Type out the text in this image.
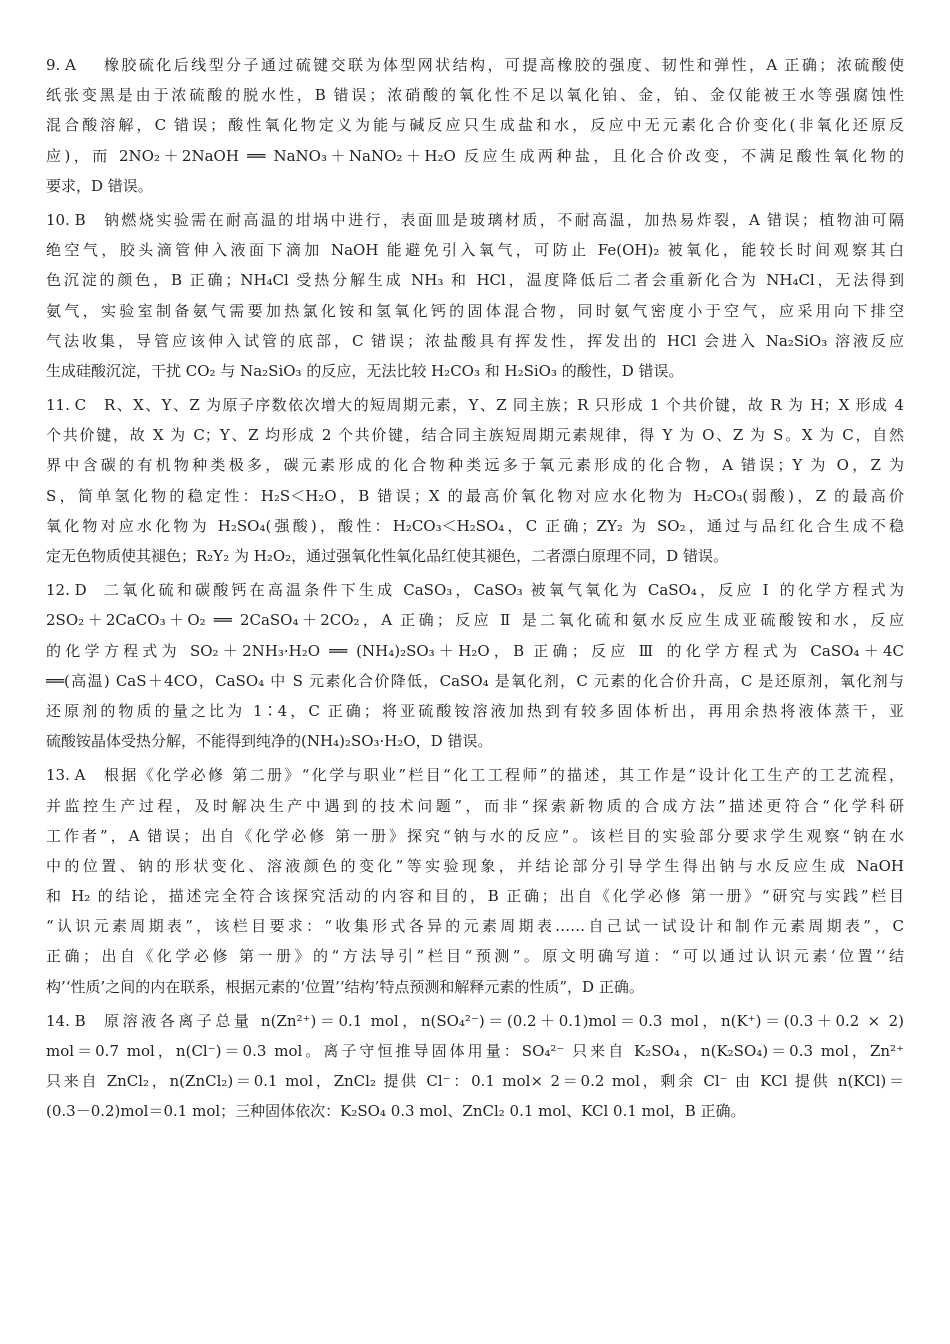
9. A	橡胶硫化后线型分子通过硫键交联为体型网状结构，可提高橡胶的强度、韧性和弹性，A 正确；浓硫酸使
纸张变黑是由于浓硫酸的脱水性，B 错误；浓硝酸的氧化性不足以氧化铂、金，铂、金仅能被王水等强腐蚀性
混合酸溶解，C 错误；酸性氧化物定义为能与碱反应只生成盐和水，反应中无元素化合价变化(非氧化还原反
应)，而 2NO₂＋2NaOH ══ NaNO₃＋NaNO₂＋H₂O 反应生成两种盐，且化合价改变，不满足酸性氧化物的
要求，D 错误。
10. B	钠燃烧实验需在耐高温的坩埚中进行，表面皿是玻璃材质，不耐高温，加热易炸裂，A 错误；植物油可隔
绝空气，胶头滴管伸入液面下滴加 NaOH 能避免引入氧气，可防止 Fe(OH)₂ 被氧化，能较长时间观察其白
色沉淀的颜色，B 正确；NH₄Cl 受热分解生成 NH₃ 和 HCl，温度降低后二者会重新化合为 NH₄Cl，无法得到
氨气，实验室制备氨气需要加热氯化铵和氢氧化钙的固体混合物，同时氨气密度小于空气，应采用向下排空
气法收集，导管应该伸入试管的底部，C 错误；浓盐酸具有挥发性，挥发出的 HCl 会进入 Na₂SiO₃ 溶液反应
生成硅酸沉淀，干扰 CO₂ 与 Na₂SiO₃ 的反应，无法比较 H₂CO₃ 和 H₂SiO₃ 的酸性，D 错误。
11. C	R、X、Y、Z 为原子序数依次增大的短周期元素，Y、Z 同主族；R 只形成 1 个共价键，故 R 为 H；X 形成 4
个共价键，故 X 为 C；Y、Z 均形成 2 个共价键，结合同主族短周期元素规律，得 Y 为 O、Z 为 S。X 为 C，自然
界中含碳的有机物种类极多，碳元素形成的化合物种类远多于氧元素形成的化合物，A 错误；Y 为 O，Z 为
S，简单氢化物的稳定性：H₂S＜H₂O，B 错误；X 的最高价氧化物对应水化物为 H₂CO₃(弱酸)，Z 的最高价
氧化物对应水化物为 H₂SO₄(强酸)，酸性：H₂CO₃＜H₂SO₄，C 正确；ZY₂ 为 SO₂，通过与品红化合生成不稳
定无色物质使其褪色；R₂Y₂ 为 H₂O₂，通过强氧化性氧化品红使其褪色，二者漂白原理不同，D 错误。
12. D	二氧化硫和碳酸钙在高温条件下生成 CaSO₃，CaSO₃ 被氧气氧化为 CaSO₄，反应 Ⅰ 的化学方程式为
2SO₂＋2CaCO₃＋O₂ ══ 2CaSO₄＋2CO₂，A 正确；反应 Ⅱ 是二氧化硫和氨水反应生成亚硫酸铵和水，反应
的化学方程式为 SO₂＋2NH₃·H₂O ══ (NH₄)₂SO₃＋H₂O，B 正确；反应 Ⅲ 的化学方程式为 CaSO₄＋4C
══(高温) CaS＋4CO，CaSO₄ 中 S 元素化合价降低，CaSO₄ 是氧化剂，C 元素的化合价升高，C 是还原剂，氧化剂与
还原剂的物质的量之比为 1∶4，C 正确；将亚硫酸铵溶液加热到有较多固体析出，再用余热将液体蒸干，亚
硫酸铵晶体受热分解，不能得到纯净的(NH₄)₂SO₃·H₂O，D 错误。
13. A	根据《化学必修 第二册》“化学与职业”栏目“化工工程师”的描述，其工作是“设计化工生产的工艺流程，
并监控生产过程，及时解决生产中遇到的技术问题”，而非“探索新物质的合成方法”描述更符合“化学科研
工作者”，A 错误；出自《化学必修 第一册》探究“钠与水的反应”。该栏目的实验部分要求学生观察“钠在水
中的位置、钠的形状变化、溶液颜色的变化”等实验现象，并结论部分引导学生得出钠与水反应生成 NaOH
和 H₂ 的结论，描述完全符合该探究活动的内容和目的，B 正确；出自《化学必修 第一册》“研究与实践”栏目
“认识元素周期表”，该栏目要求：“收集形式各异的元素周期表……自己试一试设计和制作元素周期表”，C
正确；出自《化学必修 第一册》的“方法导引”栏目“预测”。原文明确写道：“可以通过认识元素‘位置’‘结
构’‘性质’之间的内在联系，根据元素的‘位置’‘结构’特点预测和解释元素的性质”，D 正确。
14. B	原溶液各离子总量 n(Zn²⁺)＝0.1 mol，n(SO₄²⁻)＝(0.2＋0.1)mol＝0.3 mol，n(K⁺)＝(0.3＋0.2 × 2)
mol＝0.7 mol，n(Cl⁻)＝0.3 mol。离子守恒推导固体用量：SO₄²⁻ 只来自 K₂SO₄，n(K₂SO₄)＝0.3 mol，Zn²⁺
只来自 ZnCl₂，n(ZnCl₂)＝0.1 mol，ZnCl₂ 提供 Cl⁻：0.1 mol× 2＝0.2 mol，剩余 Cl⁻ 由 KCl 提供 n(KCl)＝
(0.3－0.2)mol＝0.1 mol；三种固体依次：K₂SO₄ 0.3 mol、ZnCl₂ 0.1 mol、KCl 0.1 mol，B 正确。
